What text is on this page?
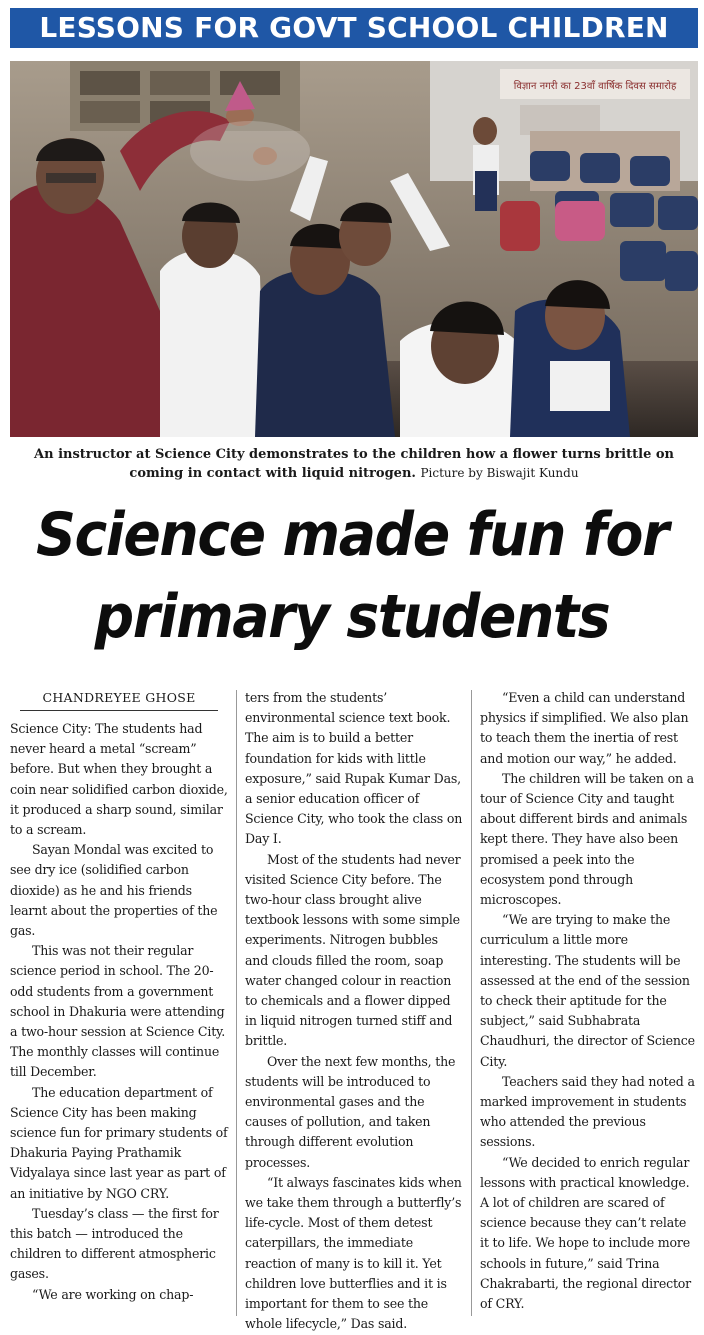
LESSONS FOR GOVT SCHOOL CHILDREN
विज्ञान नगरी का 23वाँ वार्षिक दिवस समारोह
An instructor at Science City demonstrates to the children how a flower turns brittle on coming in contact with liquid nitrogen. Picture by Biswajit Kundu
Science made fun for
primary students
CHANDREYEE GHOSE

Science City: The students had never heard a metal “scream” before. But when they brought a coin near solidified carbon dioxide, it produced a sharp sound, similar to a scream.

Sayan Mondal was excited to see dry ice (solidified carbon dioxide) as he and his friends learnt about the properties of the gas.

This was not their regular science period in school. The 20-odd students from a government school in Dhakuria were attending a two-hour session at Science City. The monthly classes will continue till December.

The education department of Science City has been making science fun for primary students of Dhakuria Paying Prathamik Vidyalaya since last year as part of an initiative by NGO CRY.

Tuesday’s class — the first for this batch — introduced the children to different atmospheric gases.

“We are working on chap-

ters from the students’ environmental science text book. The aim is to build a better foundation for kids with little exposure,” said Rupak Kumar Das, a senior education officer of Science City, who took the class on Day I.

Most of the students had never visited Science City before. The two-hour class brought alive textbook lessons with some simple experiments. Nitrogen bubbles and clouds filled the room, soap water changed colour in reaction to chemicals and a flower dipped in liquid nitrogen turned stiff and brittle.

Over the next few months, the students will be introduced to environmental gases and the causes of pollution, and taken through different evolution processes.

“It always fascinates kids when we take them through a butterfly’s life-cycle. Most of them detest caterpillars, the immediate reaction of many is to kill it. Yet children love butterflies and it is important for them to see the whole lifecycle,” Das said.

“Even a child can understand physics if simplified. We also plan to teach them the inertia of rest and motion our way,” he added.

The children will be taken on a tour of Science City and taught about different birds and animals kept there. They have also been promised a peek into the ecosystem pond through microscopes.

“We are trying to make the curriculum a little more interesting. The students will be assessed at the end of the session to check their aptitude for the subject,” said Subhabrata Chaudhuri, the director of Science City.

Teachers said they had noted a marked improvement in students who attended the previous sessions.

“We decided to enrich regular lessons with practical knowledge. A lot of children are scared of science because they can’t relate it to life. We hope to include more schools in future,” said Trina Chakrabarti, the regional director of CRY.
